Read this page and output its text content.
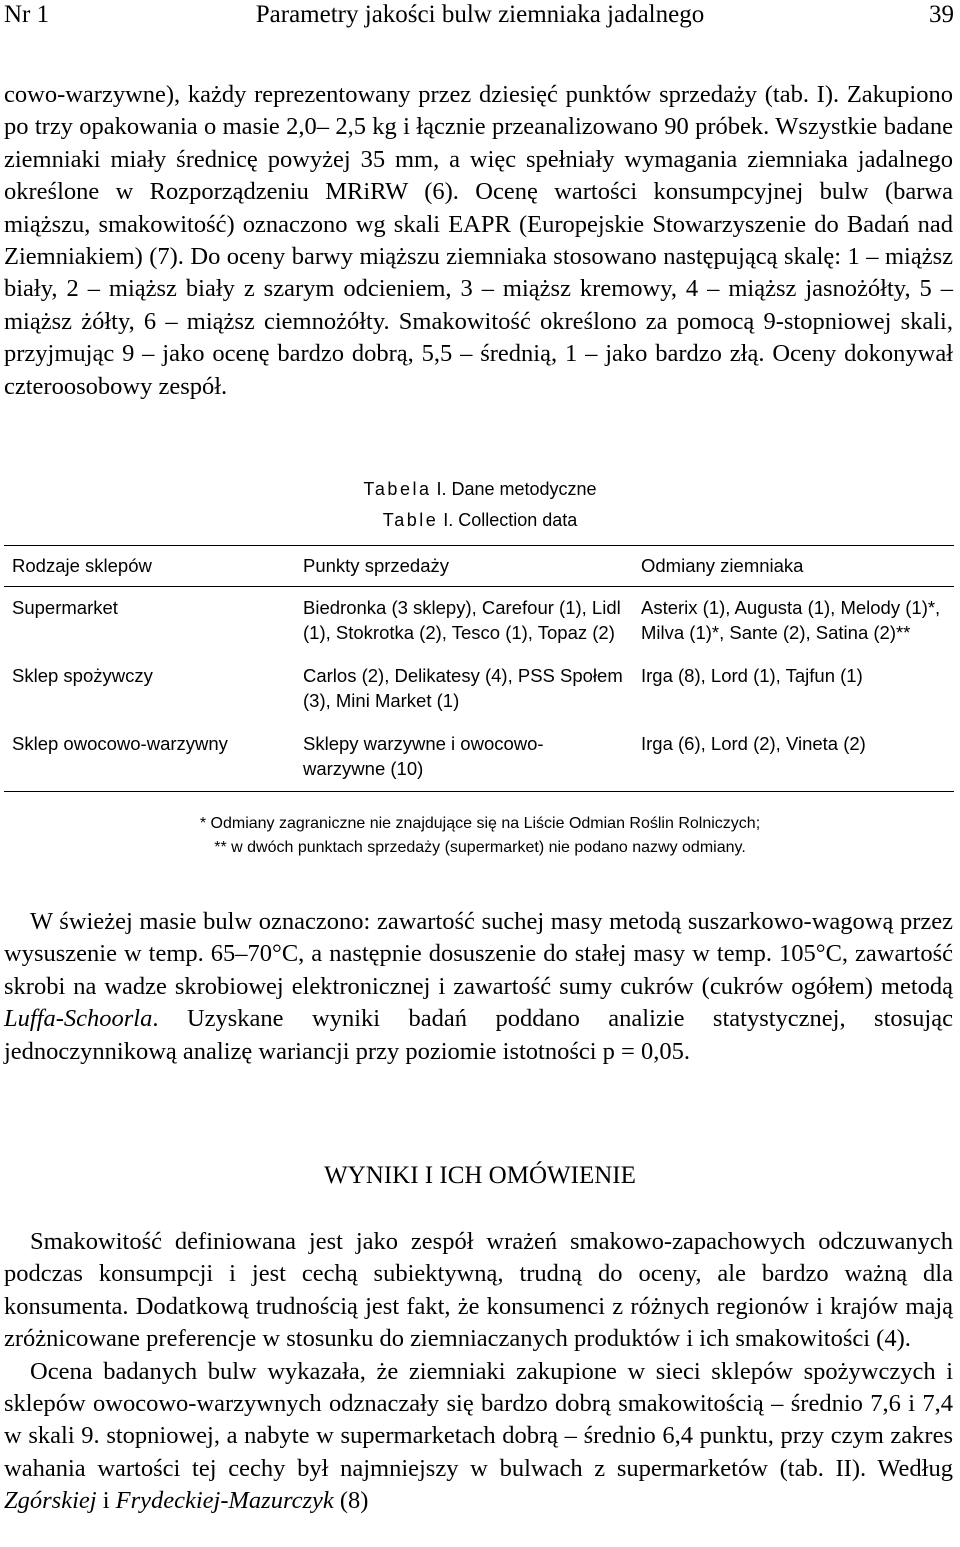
Nr 1	Parametry jakości bulw ziemniaka jadalnego	39

cowo-warzywne), każdy reprezentowany przez dziesięć punktów sprzedaży (tab. I). Zakupiono po trzy opakowania o masie 2,0– 2,5 kg i łącznie przeanalizowano 90 próbek. Wszystkie badane ziemniaki miały średnicę powyżej 35 mm, a więc spełniały wymagania ziemniaka jadalnego określone w Rozporządzeniu MRiRW (6). Ocenę wartości konsumpcyjnej bulw (barwa miąższu, smakowitość) oznaczono wg skali EAPR (Europejskie Stowarzyszenie do Badań nad Ziemniakiem) (7). Do oceny barwy miąższu ziemniaka stosowano następującą skalę: 1 – miąższ biały, 2 – miąższ biały z szarym odcieniem, 3 – miąższ kremowy, 4 – miąższ jasnożółty, 5 – miąższ żółty, 6 – miąższ ciemnożółty. Smakowitość określono za pomocą 9-stopniowej skali, przyjmując 9 – jako ocenę bardzo dobrą, 5,5 – średnią, 1 – jako bardzo złą. Oceny dokonywał czteroosobowy zespół.

Tabela I. Dane metodyczne
Table I. Collection data
Rodzaje sklepów	Punkty sprzedaży	Odmiany ziemniaka
Supermarket	Biedronka (3 sklepy), Carefour (1), Lidl (1), Stokrotka (2), Tesco (1), Topaz (2)	Asterix (1), Augusta (1), Melody (1)*, Milva (1)*, Sante (2), Satina (2)**
Sklep spożywczy	Carlos (2), Delikatesy (4), PSS Społem (3), Mini Market (1)	Irga (8), Lord (1), Tajfun (1)
Sklep owocowo-warzywny	Sklepy warzywne i owocowo-warzywne (10)	Irga (6), Lord (2), Vineta (2)
* Odmiany zagraniczne nie znajdujące się na Liście Odmian Roślin Rolniczych;
** w dwóch punktach sprzedaży (supermarket) nie podano nazwy odmiany.

W świeżej masie bulw oznaczono: zawartość suchej masy metodą suszarkowo-wagową przez wysuszenie w temp. 65–70°C, a następnie dosuszenie do stałej masy w temp. 105°C, zawartość skrobi na wadze skrobiowej elektronicznej i zawartość sumy cukrów (cukrów ogółem) metodą Luffa-Schoorla. Uzyskane wyniki badań poddano analizie statystycznej, stosując jednoczynnikową analizę wariancji przy poziomie istotności p = 0,05.

WYNIKI I ICH OMÓWIENIE

Smakowitość definiowana jest jako zespół wrażeń smakowo-zapachowych odczuwanych podczas konsumpcji i jest cechą subiektywną, trudną do oceny, ale bardzo ważną dla konsumenta. Dodatkową trudnością jest fakt, że konsumenci z różnych regionów i krajów mają zróżnicowane preferencje w stosunku do ziemniaczanych produktów i ich smakowitości (4).

Ocena badanych bulw wykazała, że ziemniaki zakupione w sieci sklepów spożywczych i sklepów owocowo-warzywnych odznaczały się bardzo dobrą smakowitością – średnio 7,6 i 7,4 w skali 9. stopniowej, a nabyte w supermarketach dobrą – średnio 6,4 punktu, przy czym zakres wahania wartości tej cechy był najmniejszy w bulwach z supermarketów (tab. II). Według Zgórskiej i Frydeckiej-Mazurczyk (8)
